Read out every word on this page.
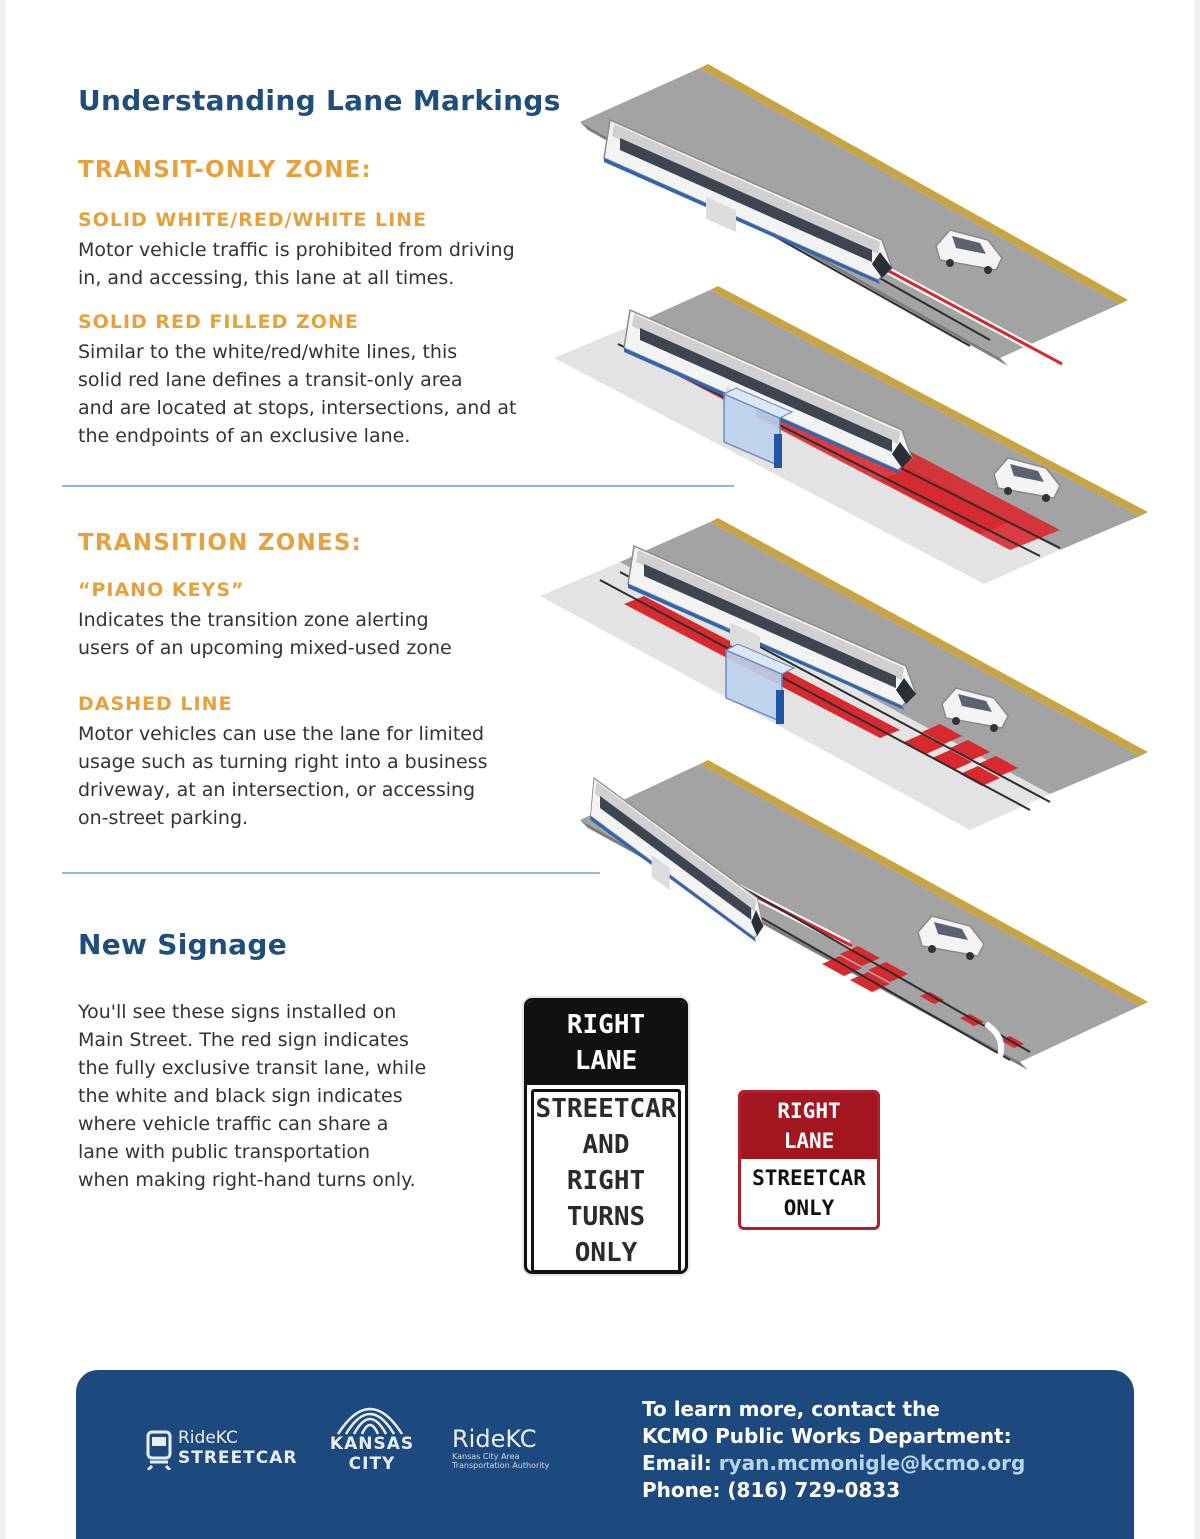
Understanding Lane Markings
TRANSIT-ONLY ZONE:
SOLID WHITE/RED/WHITE LINE

Motor vehicle traffic is prohibited from driving
in, and accessing, this lane at all times.

SOLID RED FILLED ZONE

Similar to the white/red/white lines, this
solid red lane defines a transit-only area
and are located at stops, intersections, and at
the endpoints of an exclusive lane.

TRANSITION ZONES:
“PIANO KEYS”

Indicates the transition zone alerting
users of an upcoming mixed-used zone

DASHED LINE

Motor vehicles can use the lane for limited
usage such as turning right into a business
driveway, at an intersection, or accessing
on-street parking.

New Signage

You'll see these signs installed on
Main Street. The red sign indicates
the fully exclusive transit lane, while
the white and black sign indicates
where vehicle traffic can share a
lane with public transportation
when making right-hand turns only.

RIGHT
LANE
STREETCAR
AND
RIGHT
TURNS
ONLY
RIGHT
LANE
STREETCAR
ONLY
RideKC
STREETCAR
KANSAS
CITY
RideKC
Kansas City Area
Transportation Authority
To learn more, contact the
KCMO Public Works Department:
Email: ryan.mcmonigle@kcmo.org
Phone: (816) 729-0833
